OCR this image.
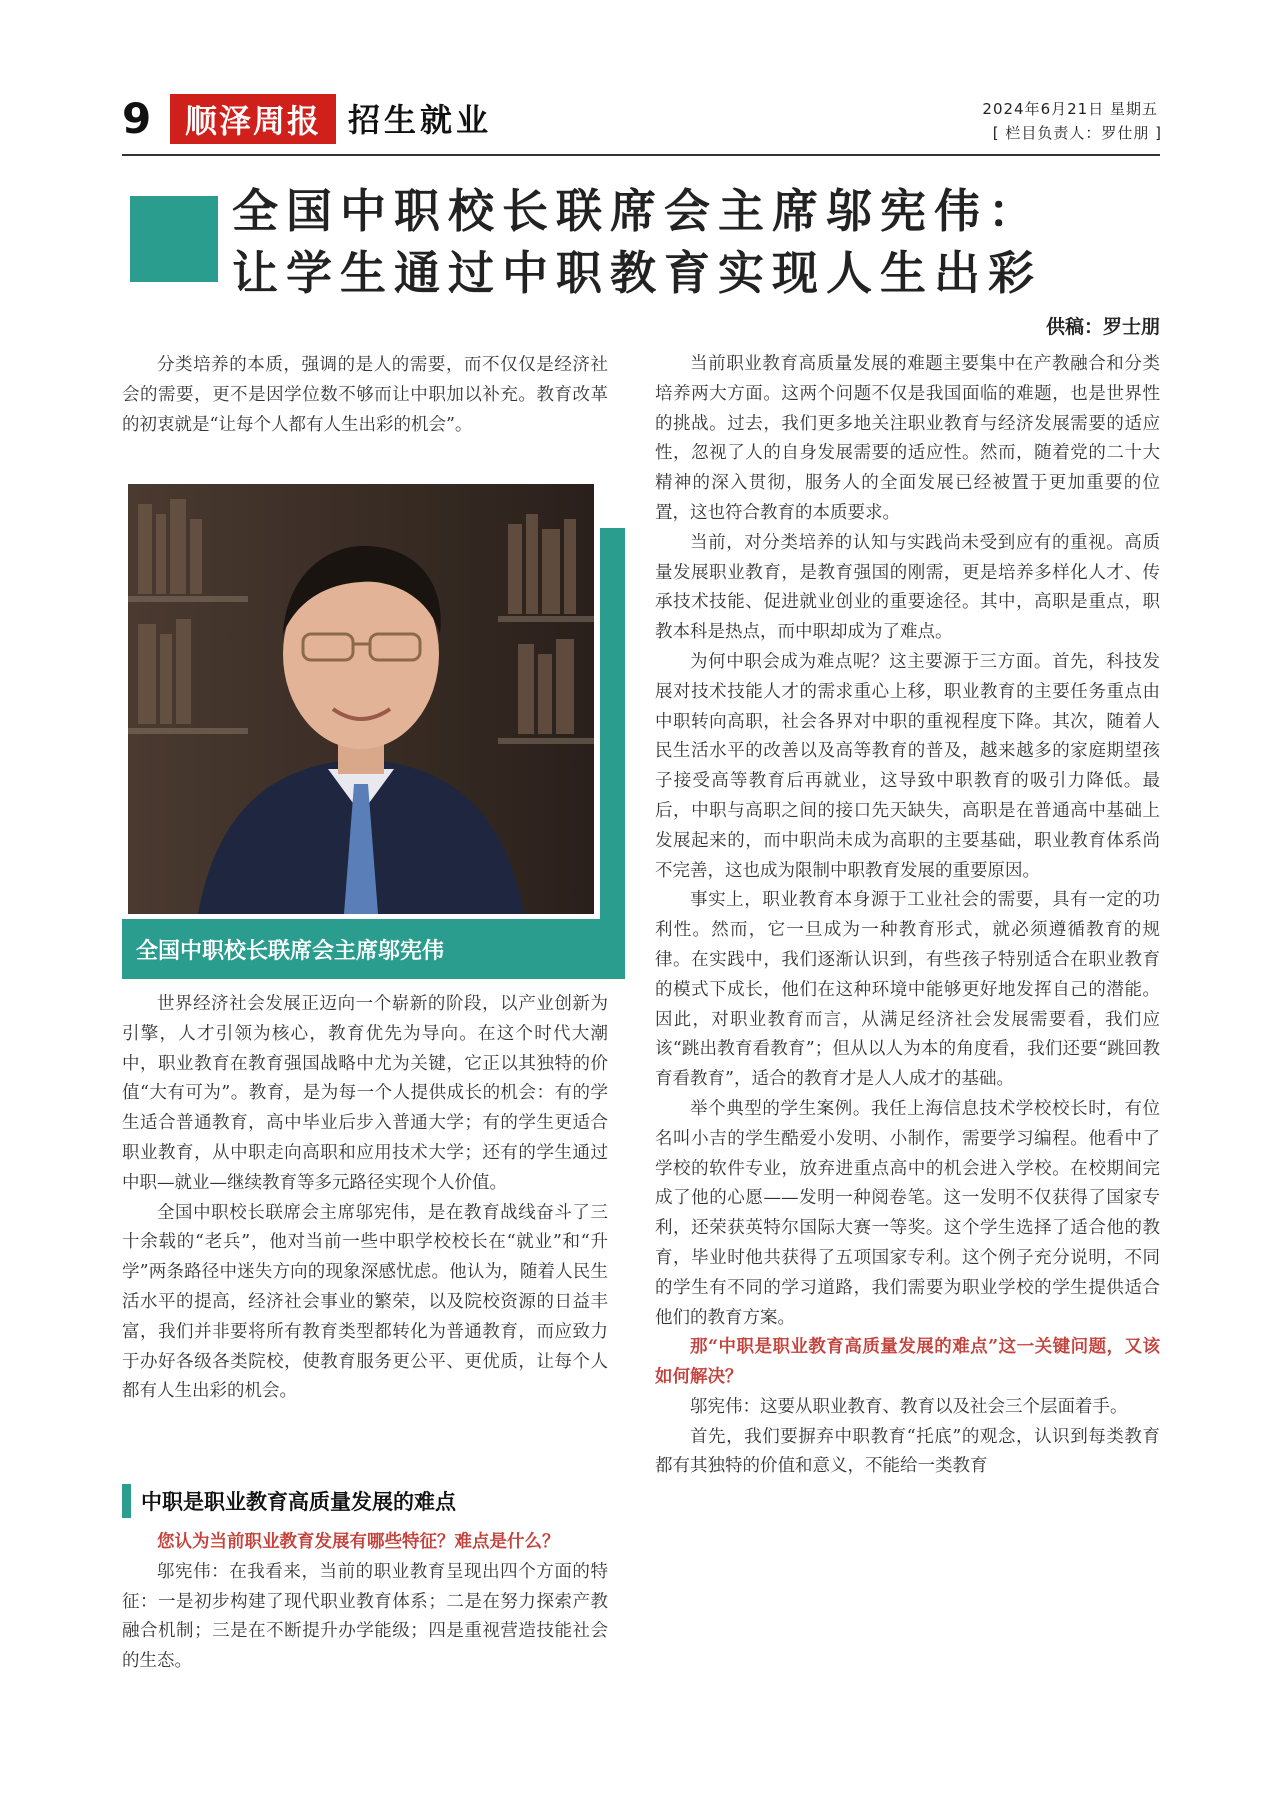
9 顺泽周报 招生就业	2024年6月21日 星期五
[ 栏目负责人：罗仕朋 ]
全国中职校长联席会主席邬宪伟：
让学生通过中职教育实现人生出彩
供稿：罗士朋

分类培养的本质，强调的是人的需要，而不仅仅是经济社会的需要，更不是因学位数不够而让中职加以补充。教育改革的初衷就是“让每个人都有人生出彩的机会”。

全国中职校长联席会主席邬宪伟

世界经济社会发展正迈向一个崭新的阶段，以产业创新为引擎，人才引领为核心，教育优先为导向。在这个时代大潮中，职业教育在教育强国战略中尤为关键，它正以其独特的价值“大有可为”。教育，是为每一个人提供成长的机会：有的学生适合普通教育，高中毕业后步入普通大学；有的学生更适合职业教育，从中职走向高职和应用技术大学；还有的学生通过中职—就业—继续教育等多元路径实现个人价值。

全国中职校长联席会主席邬宪伟，是在教育战线奋斗了三十余载的“老兵”，他对当前一些中职学校校长在“就业”和“升学”两条路径中迷失方向的现象深感忧虑。他认为，随着人民生活水平的提高，经济社会事业的繁荣，以及院校资源的日益丰富，我们并非要将所有教育类型都转化为普通教育，而应致力于办好各级各类院校，使教育服务更公平、更优质，让每个人都有人生出彩的机会。

中职是职业教育高质量发展的难点

您认为当前职业教育发展有哪些特征？难点是什么？

邬宪伟：在我看来，当前的职业教育呈现出四个方面的特征：一是初步构建了现代职业教育体系；二是在努力探索产教融合机制；三是在不断提升办学能级；四是重视营造技能社会的生态。

当前职业教育高质量发展的难题主要集中在产教融合和分类培养两大方面。这两个问题不仅是我国面临的难题，也是世界性的挑战。过去，我们更多地关注职业教育与经济发展需要的适应性，忽视了人的自身发展需要的适应性。然而，随着党的二十大精神的深入贯彻，服务人的全面发展已经被置于更加重要的位置，这也符合教育的本质要求。

当前，对分类培养的认知与实践尚未受到应有的重视。高质量发展职业教育，是教育强国的刚需，更是培养多样化人才、传承技术技能、促进就业创业的重要途径。其中，高职是重点，职教本科是热点，而中职却成为了难点。

为何中职会成为难点呢？这主要源于三方面。首先，科技发展对技术技能人才的需求重心上移，职业教育的主要任务重点由中职转向高职，社会各界对中职的重视程度下降。其次，随着人民生活水平的改善以及高等教育的普及，越来越多的家庭期望孩子接受高等教育后再就业，这导致中职教育的吸引力降低。最后，中职与高职之间的接口先天缺失，高职是在普通高中基础上发展起来的，而中职尚未成为高职的主要基础，职业教育体系尚不完善，这也成为限制中职教育发展的重要原因。

事实上，职业教育本身源于工业社会的需要，具有一定的功利性。然而，它一旦成为一种教育形式，就必须遵循教育的规律。在实践中，我们逐渐认识到，有些孩子特别适合在职业教育的模式下成长，他们在这种环境中能够更好地发挥自己的潜能。因此，对职业教育而言，从满足经济社会发展需要看，我们应该“跳出教育看教育”；但从以人为本的角度看，我们还要“跳回教育看教育”，适合的教育才是人人成才的基础。

举个典型的学生案例。我任上海信息技术学校校长时，有位名叫小吉的学生酷爱小发明、小制作，需要学习编程。他看中了学校的软件专业，放弃进重点高中的机会进入学校。在校期间完成了他的心愿——发明一种阅卷笔。这一发明不仅获得了国家专利，还荣获英特尔国际大赛一等奖。这个学生选择了适合他的教育，毕业时他共获得了五项国家专利。这个例子充分说明，不同的学生有不同的学习道路，我们需要为职业学校的学生提供适合他们的教育方案。

那“中职是职业教育高质量发展的难点”这一关键问题，又该如何解决？

邬宪伟：这要从职业教育、教育以及社会三个层面着手。

首先，我们要摒弃中职教育“托底”的观念，认识到每类教育都有其独特的价值和意义，不能给一类教育
